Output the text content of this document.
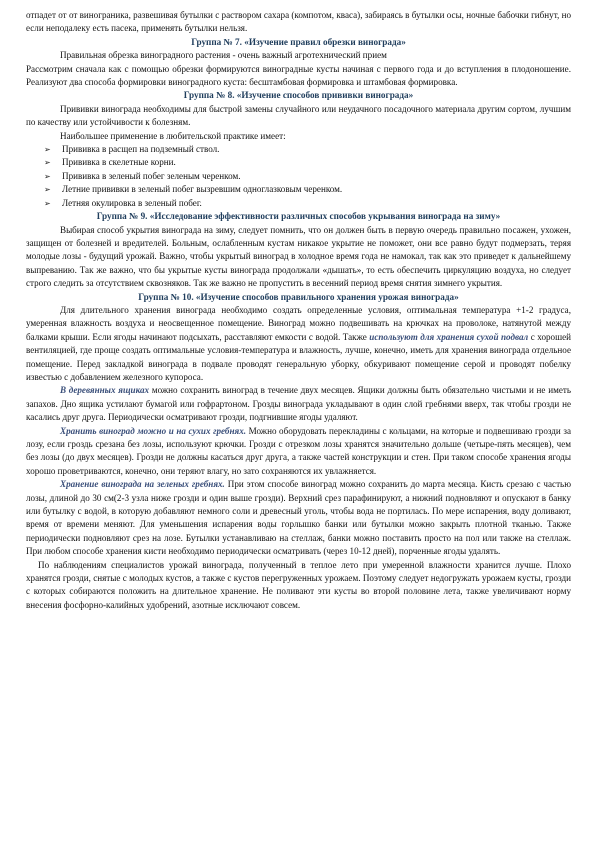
отпадет от от винограника, развешивая бутылки с раствором сахара (компотом, кваса), забираясь в бутылки осы, ночные бабочки гибнут, но если неподалеку есть пасека, применять бутылки нельзя.

Группа № 7. «Изучение правил обрезки винограда»

Правильная обрезка виноградного растения - очень важный агротехнический прием

Рассмотрим сначала как с помощью обрезки формируются виноградные кусты начиная с первого года и до вступления в плодоношение. Реализуют два способа формировки виноградного куста: бесштамбовая формировка и штамбовая формировка.

Группа № 8. «Изучение способов прививки винограда»

Прививки винограда необходимы для быстрой замены случайного или неудачного посадочного материала другим сортом, лучшим по качеству или устойчивости к болезням.

Наибольшее применение в любительской практике имеет:

➢ Прививка в расщеп на подземный ствол.
➢ Прививка в скелетные корни.
➢ Прививка в зеленый побег зеленым черенком.
➢ Летние прививки в зеленый побег вызревшим одноглазковым черенком.
➢ Летняя окулировка в зеленый побег.
Группа № 9. «Исследование эффективности различных способов укрывания винограда на зиму»

Выбирая способ укрытия винограда на зиму, следует помнить, что он должен быть в первую очередь правильно посажен, ухожен, защищен от болезней и вредителей. Больным, ослабленным кустам никакое укрытие не поможет, они все равно будут подмерзать, теряя молодые лозы - будущий урожай. Важно, чтобы укрытый виноград в холодное время года не намокал, так как это приведет к дальнейшему выпреванию. Так же важно, что бы укрытые кусты винограда продолжали «дышать», то есть обеспечить циркуляцию воздуха, но следует строго следить за отсутствием сквозняков. Так же важно не пропустить в весенний период время снятия зимнего укрытия.

Группа № 10. «Изучение способов правильного хранения урожая винограда»

Для длительного хранения винограда необходимо создать определенные условия, оптимальная температура +1-2 градуса, умеренная влажность воздуха и неосвещенное помещение. Виноград можно подвешивать на крючках на проволоке, натянутой между балками крыши. Если ягоды начинают подсыхать, расставляют емкости с водой. Также используют для хранения сухой подвал с хорошей вентиляцией, где проще создать оптимальные условия-температура и влажность, лучше, конечно, иметь для хранения винограда отдельное помещение. Перед закладкой винограда в подвале проводят генеральную уборку, обкуривают помещение серой и проводят побелку известью с добавлением железного купороса.

В деревянных ящиках можно сохранить виноград в течение двух месяцев. Ящики должны быть обязательно чистыми и не иметь запахов. Дно ящика устилают бумагой или гофрартоном. Грозды винограда укладывают в один слой гребнями вверх, так чтобы грозди не касались друг друга. Периодически осматривают грозди, подгнившие ягоды удаляют.

Хранить виноград можно и на сухих гребнях. Можно оборудовать перекладины с кольцами, на которые и подвешиваю грозди за лозу, если гроздь срезана без лозы, используют крючки. Грозди с отрезком лозы хранятся значительно дольше (четыре-пять месяцев), чем без лозы (до двух месяцев). Грозди не должны касаться друг друга, а также частей конструкции и стен. При таком способе хранения ягоды хорошо проветриваются, конечно, они теряют влагу, но зато сохраняются их увлажняется.

Хранение винограда на зеленых гребнях. При этом способе виноград можно сохранить до марта месяца. Кисть срезаю с частью лозы, длиной до 30 см(2-3 узла ниже грозди и один выше грозди). Верхний срез парафинируют, а нижний подновляют и опускают в банку или бутылку с водой, в которую добавляют немного соли и древесный уголь, чтобы вода не портилась. По мере испарения, воду доливают, время от времени меняют. Для уменьшения испарения воды горлышко банки или бутылки можно закрыть плотной тканью. Также периодически подновляют срез на лозе. Бутылки устанавливаю на стеллаж, банки можно поставить просто на пол или также на стеллаж. При любом способе хранения кисти необходимо периодически осматривать (через 10-12 дней), порченные ягоды удалять.

По наблюдениям специалистов урожай винограда, полученный в теплое лето при умеренной влажности хранится лучше. Плохо хранятся грозди, снятые с молодых кустов, а также с кустов перегруженных урожаем. Поэтому следует недогружать урожаем кусты, грозди с которых собираются положить на длительное хранение. Не поливают эти кусты во второй половине лета, также увеличивают норму внесения фосфорно-калийных удобрений, азотные исключают совсем.
